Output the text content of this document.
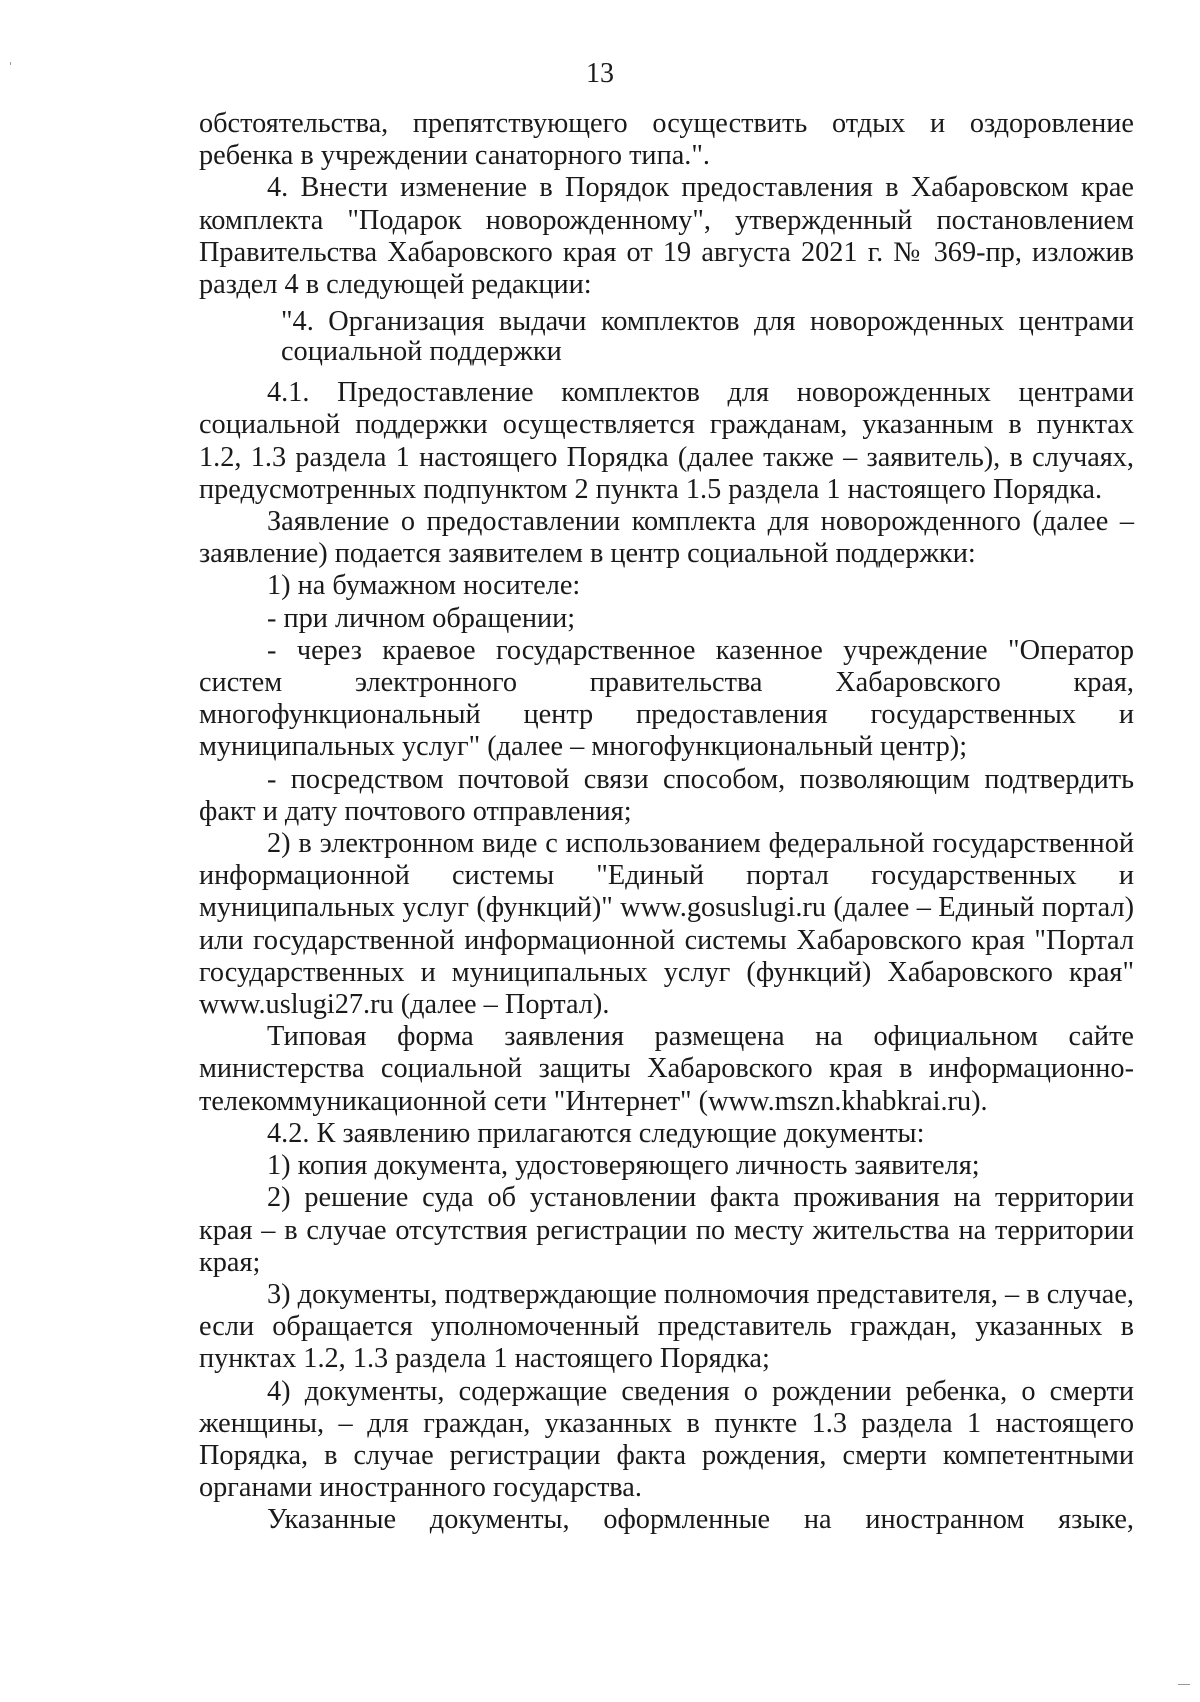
13

обстоятельства, препятствующего осуществить отдых и оздоровление ребенка в учреждении санаторного типа.".

4. Внести изменение в Порядок предоставления в Хабаровском крае комплекта "Подарок новорожденному", утвержденный постановлением Правительства Хабаровского края от 19 августа 2021 г. № 369-пр, изложив раздел 4 в следующей редакции:

"4. Организация выдачи комплектов для новорожденных центрами социальной поддержки

4.1. Предоставление комплектов для новорожденных центрами социальной поддержки осуществляется гражданам, указанным в пунктах 1.2, 1.3 раздела 1 настоящего Порядка (далее также – заявитель), в случаях, предусмотренных подпунктом 2 пункта 1.5 раздела 1 настоящего Порядка.

Заявление о предоставлении комплекта для новорожденного (далее – заявление) подается заявителем в центр социальной поддержки:

1) на бумажном носителе:

- при личном обращении;

- через краевое государственное казенное учреждение "Оператор систем электронного правительства Хабаровского края, многофункциональный центр предоставления государственных и муниципальных услуг" (далее – многофункциональный центр);

- посредством почтовой связи способом, позволяющим подтвердить факт и дату почтового отправления;

2) в электронном виде с использованием федеральной государственной информационной системы "Единый портал государственных и муниципальных услуг (функций)" www.gosuslugi.ru (далее – Единый портал) или государственной информационной системы Хабаровского края "Портал государственных и муниципальных услуг (функций) Хабаровского края" www.uslugi27.ru (далее – Портал).

Типовая форма заявления размещена на официальном сайте министерства социальной защиты Хабаровского края в информационно-телекоммуникационной сети "Интернет" (www.mszn.khabkrai.ru).

4.2. К заявлению прилагаются следующие документы:

1) копия документа, удостоверяющего личность заявителя;

2) решение суда об установлении факта проживания на территории края – в случае отсутствия регистрации по месту жительства на территории края;

3) документы, подтверждающие полномочия представителя, – в случае, если обращается уполномоченный представитель граждан, указанных в пунктах 1.2, 1.3 раздела 1 настоящего Порядка;

4) документы, содержащие сведения о рождении ребенка, о смерти женщины, – для граждан, указанных в пункте 1.3 раздела 1 настоящего Порядка, в случае регистрации факта рождения, смерти компетентными органами иностранного государства.

Указанные документы, оформленные на иностранном языке,
